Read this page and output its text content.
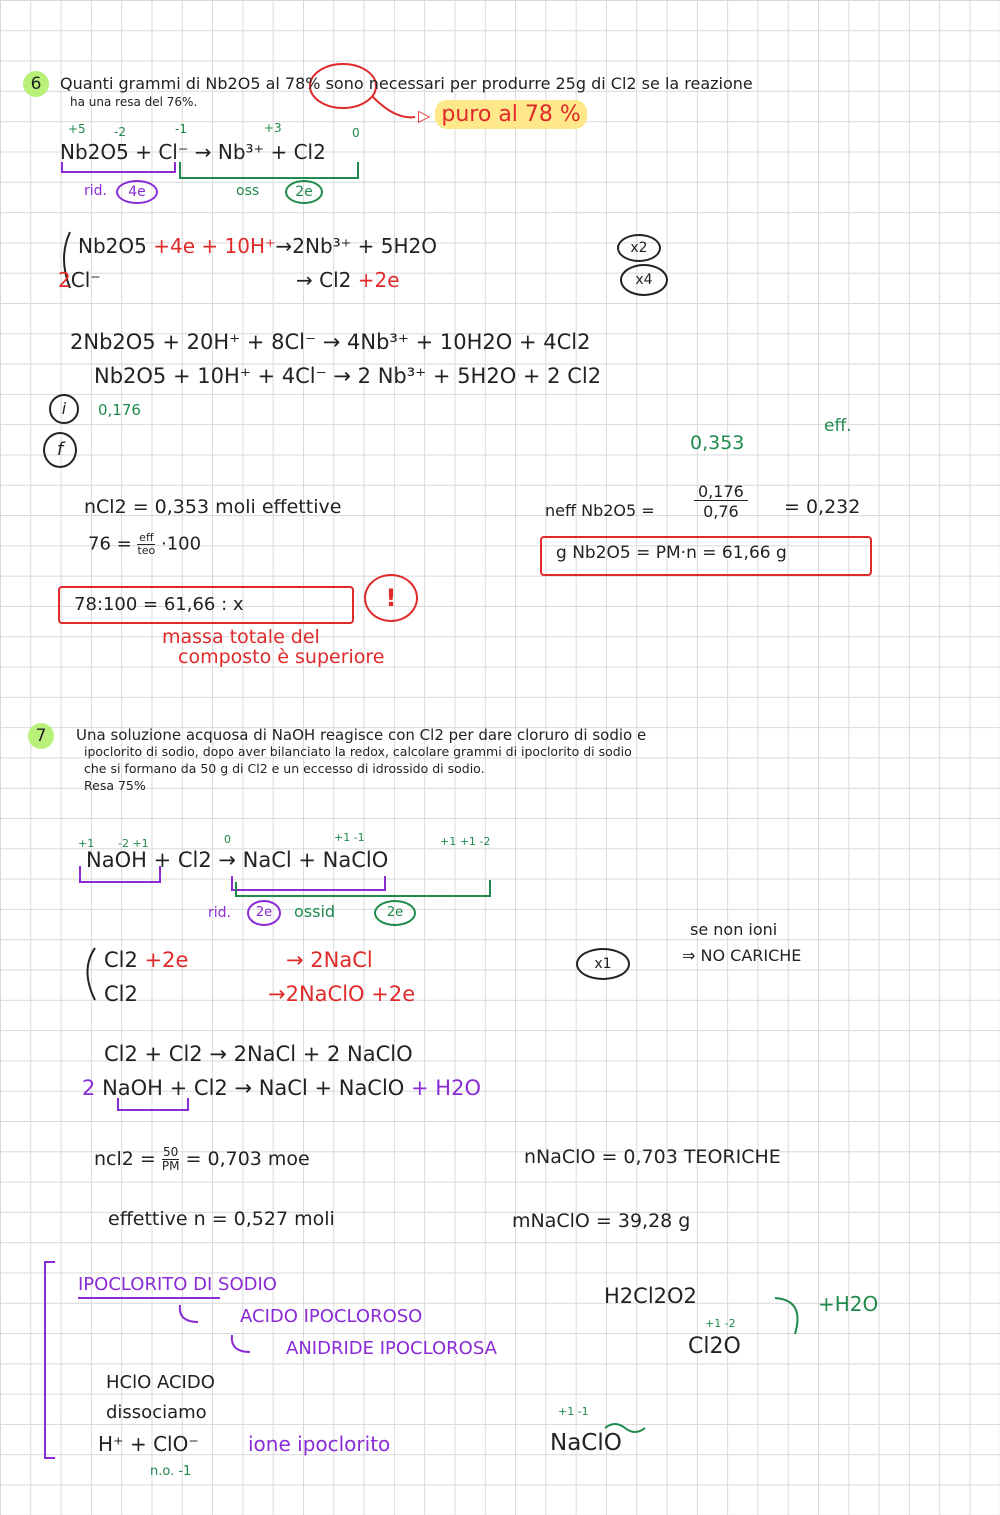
6	Quanti grammi di Nb2O5 al 78% sono necessari per produrre 25g di Cl2 se la reazione
ha una resa del 76%.
▷ puro al 78 %
+5 -2	-1	+3	0
Nb2O5 + Cl⁻ → Nb³⁺ + Cl2
rid.	4e	oss	2e
Nb2O5 +4e + 10H⁺→2Nb³⁺ + 5H2O
2Cl⁻	→ Cl2 +2e
x2
x4
2Nb2O5 + 20H⁺ + 8Cl⁻ → 4Nb³⁺ + 10H2O + 4Cl2
Nb2O5 + 10H⁺ + 4Cl⁻ → 2 Nb³⁺ + 5H2O + 2 Cl2
i
f
0,176
0,353
eff.
nCl2 = 0,353 moli effettive
76 = eff
teo ·100
neff Nb2O5 =
0,176
0,76	= 0,232
g Nb2O5 = PM·n = 61,66 g
78:100 = 61,66 : x	!
massa totale del
composto è superiore
7	Una soluzione acquosa di NaOH reagisce con Cl2 per dare cloruro di sodio e
ipoclorito di sodio, dopo aver bilanciato la redox, calcolare grammi di ipoclorito di sodio
che si formano da 50 g di Cl2 e un eccesso di idrossido di sodio.
Resa 75%
+1 -2 +1	0	+1 -1	+1 +1 -2
NaOH + Cl2 → NaCl + NaClO
rid.	2e	ossid	2e
Cl2 +2e	→ 2NaCl
Cl2	→2NaClO +2e
x1
se non ioni
⇒ NO CARICHE
Cl2 + Cl2 → 2NaCl + 2 NaClO
2 NaOH + Cl2 → NaCl + NaClO + H2O
$ncl2 = \frac{50}{PM} = 0,703$ moe	nNaClO = 0,703 TEORICHE
effettive n = 0,527 moli	mNaClO = 39,28 g
IPOCLORITO DI SODIO
ACIDO IPOCLOROSO
ANIDRIDE IPOCLOROSA
H2Cl2O2	+H2O
+1 -2
Cl2O
HClO ACIDO
dissociamo
H⁺ + ClO⁻ ione ipoclorito
n.o. -1
+1 -1
NaClO
